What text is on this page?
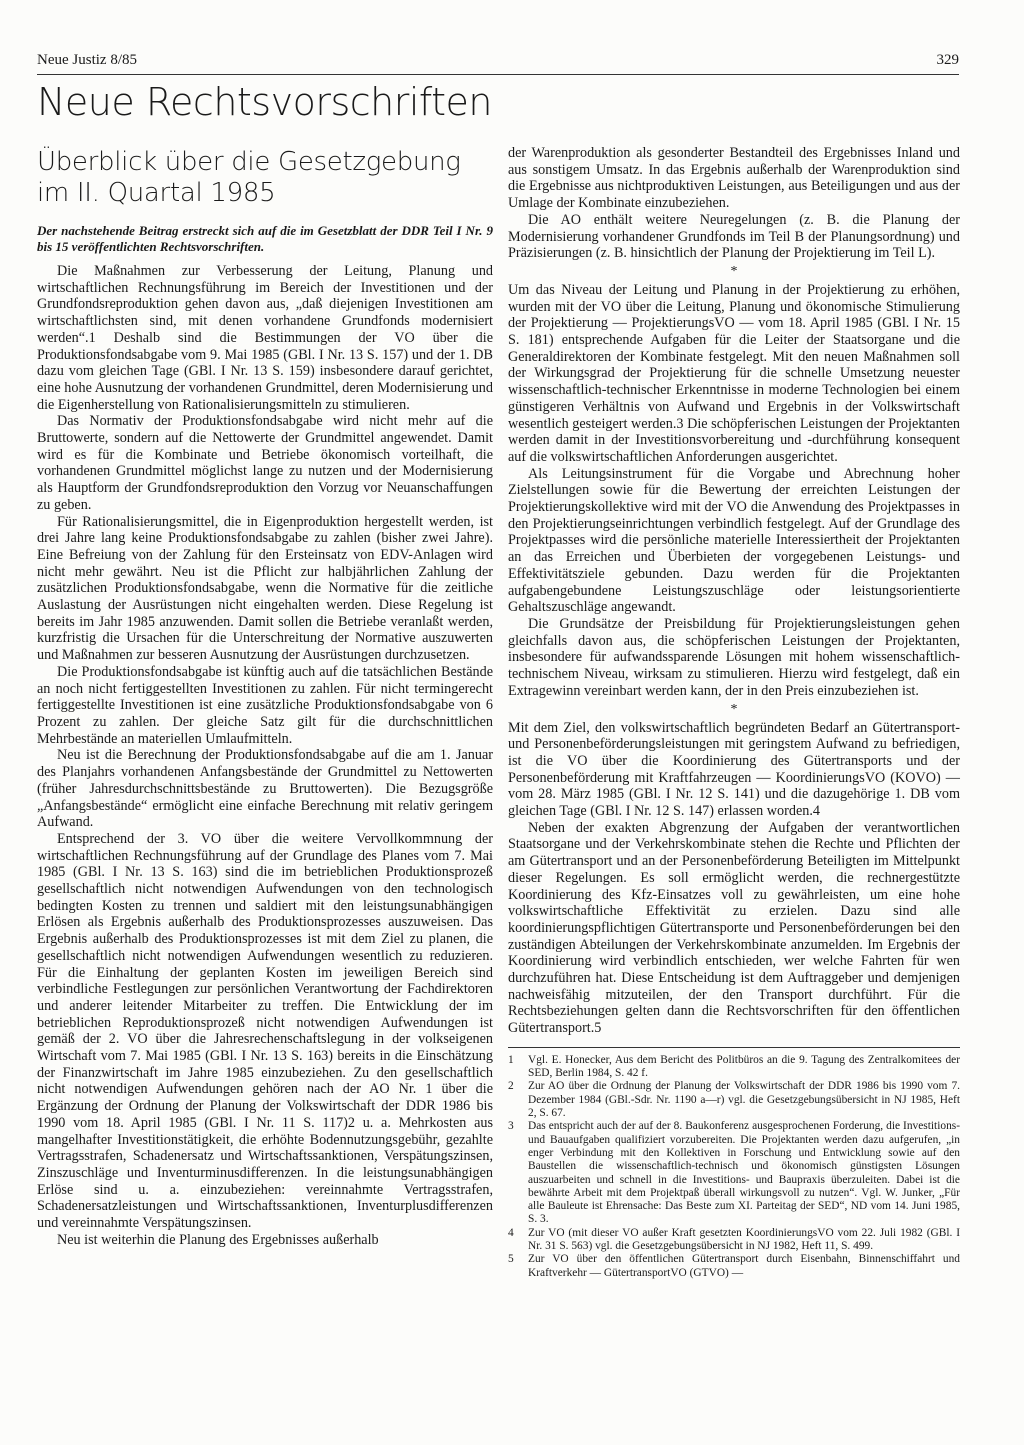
Neue Justiz 8/85	329
Neue Rechtsvorschriften
Überblick über die Gesetzgebung
im II. Quartal 1985

Der nachstehende Beitrag erstreckt sich auf die im Gesetzblatt der DDR Teil I Nr. 9 bis 15 veröffentlichten Rechtsvorschriften.

Die Maßnahmen zur Verbesserung der Leitung, Planung und wirtschaftlichen Rechnungsführung im Bereich der Investitionen und der Grundfondsreproduktion gehen davon aus, „daß diejenigen Investitionen am wirtschaftlichsten sind, mit denen vorhandene Grundfonds modernisiert werden“.1 Deshalb sind die Bestimmungen der VO über die Produktionsfondsabgabe vom 9. Mai 1985 (GBl. I Nr. 13 S. 157) und der 1. DB dazu vom gleichen Tage (GBl. I Nr. 13 S. 159) insbesondere darauf gerichtet, eine hohe Ausnutzung der vorhandenen Grundmittel, deren Modernisierung und die Eigenherstellung von Rationalisierungsmitteln zu stimulieren.

Das Normativ der Produktionsfondsabgabe wird nicht mehr auf die Bruttowerte, sondern auf die Nettowerte der Grundmittel angewendet. Damit wird es für die Kombinate und Betriebe ökonomisch vorteilhaft, die vorhandenen Grundmittel möglichst lange zu nutzen und der Modernisierung als Hauptform der Grundfondsreproduktion den Vorzug vor Neuanschaffungen zu geben.

Für Rationalisierungsmittel, die in Eigenproduktion hergestellt werden, ist drei Jahre lang keine Produktionsfondsabgabe zu zahlen (bisher zwei Jahre). Eine Befreiung von der Zahlung für den Ersteinsatz von EDV-Anlagen wird nicht mehr gewährt. Neu ist die Pflicht zur halbjährlichen Zahlung der zusätzlichen Produktionsfondsabgabe, wenn die Normative für die zeitliche Auslastung der Ausrüstungen nicht eingehalten werden. Diese Regelung ist bereits im Jahr 1985 anzuwenden. Damit sollen die Betriebe veranlaßt werden, kurzfristig die Ursachen für die Unterschreitung der Normative auszuwerten und Maßnahmen zur besseren Ausnutzung der Ausrüstungen durchzusetzen.

Die Produktionsfondsabgabe ist künftig auch auf die tatsächlichen Bestände an noch nicht fertiggestellten Investitionen zu zahlen. Für nicht termingerecht fertiggestellte Investitionen ist eine zusätzliche Produktionsfondsabgabe von 6 Prozent zu zahlen. Der gleiche Satz gilt für die durchschnittlichen Mehrbestände an materiellen Umlaufmitteln.

Neu ist die Berechnung der Produktionsfondsabgabe auf die am 1. Januar des Planjahrs vorhandenen Anfangsbestände der Grundmittel zu Nettowerten (früher Jahresdurchschnittsbestände zu Bruttowerten). Die Bezugsgröße „Anfangsbestände“ ermöglicht eine einfache Berechnung mit relativ geringem Aufwand.

Entsprechend der 3. VO über die weitere Vervollkommnung der wirtschaftlichen Rechnungsführung auf der Grundlage des Planes vom 7. Mai 1985 (GBl. I Nr. 13 S. 163) sind die im betrieblichen Produktionsprozeß gesellschaftlich nicht notwendigen Aufwendungen von den technologisch bedingten Kosten zu trennen und saldiert mit den leistungsunabhängigen Erlösen als Ergebnis außerhalb des Produktionsprozesses auszuweisen. Das Ergebnis außerhalb des Produktionsprozesses ist mit dem Ziel zu planen, die gesellschaftlich nicht notwendigen Aufwendungen wesentlich zu reduzieren. Für die Einhaltung der geplanten Kosten im jeweiligen Bereich sind verbindliche Festlegungen zur persönlichen Verantwortung der Fachdirektoren und anderer leitender Mitarbeiter zu treffen. Die Entwicklung der im betrieblichen Reproduktionsprozeß nicht notwendigen Aufwendungen ist gemäß der 2. VO über die Jahresrechenschaftslegung in der volkseigenen Wirtschaft vom 7. Mai 1985 (GBl. I Nr. 13 S. 163) bereits in die Einschätzung der Finanzwirtschaft im Jahre 1985 einzubeziehen. Zu den gesellschaftlich nicht notwendigen Aufwendungen gehören nach der AO Nr. 1 über die Ergänzung der Ordnung der Planung der Volkswirtschaft der DDR 1986 bis 1990 vom 18. April 1985 (GBl. I Nr. 11 S. 117)2 u. a. Mehrkosten aus mangelhafter Investitionstätigkeit, die erhöhte Bodennutzungsgebühr, gezahlte Vertragsstrafen, Schadenersatz und Wirtschaftssanktionen, Verspätungszinsen, Zinszuschläge und Inventurminusdifferenzen. In die leistungsunabhängigen Erlöse sind u. a. einzubeziehen: vereinnahmte Vertragsstrafen, Schadenersatzleistungen und Wirtschaftssanktionen, Inventurplusdifferenzen und vereinnahmte Verspätungszinsen.

Neu ist weiterhin die Planung des Ergebnisses außerhalb

der Warenproduktion als gesonderter Bestandteil des Ergebnisses Inland und aus sonstigem Umsatz. In das Ergebnis außerhalb der Warenproduktion sind die Ergebnisse aus nichtproduktiven Leistungen, aus Beteiligungen und aus der Umlage der Kombinate einzubeziehen.

Die AO enthält weitere Neuregelungen (z. B. die Planung der Modernisierung vorhandener Grundfonds im Teil B der Planungsordnung) und Präzisierungen (z. B. hinsichtlich der Planung der Projektierung im Teil L).

*

Um das Niveau der Leitung und Planung in der Projektierung zu erhöhen, wurden mit der VO über die Leitung, Planung und ökonomische Stimulierung der Projektierung — ProjektierungsVO — vom 18. April 1985 (GBl. I Nr. 15 S. 181) entsprechende Aufgaben für die Leiter der Staatsorgane und die Generaldirektoren der Kombinate festgelegt. Mit den neuen Maßnahmen soll der Wirkungsgrad der Projektierung für die schnelle Umsetzung neuester wissenschaftlich-technischer Erkenntnisse in moderne Technologien bei einem günstigeren Verhältnis von Aufwand und Ergebnis in der Volkswirtschaft wesentlich gesteigert werden.3 Die schöpferischen Leistungen der Projektanten werden damit in der Investitionsvorbereitung und -durchführung konsequent auf die volkswirtschaftlichen Anforderungen ausgerichtet.

Als Leitungsinstrument für die Vorgabe und Abrechnung hoher Zielstellungen sowie für die Bewertung der erreichten Leistungen der Projektierungskollektive wird mit der VO die Anwendung des Projektpasses in den Projektierungseinrichtungen verbindlich festgelegt. Auf der Grundlage des Projektpasses wird die persönliche materielle Interessiertheit der Projektanten an das Erreichen und Überbieten der vorgegebenen Leistungs- und Effektivitätsziele gebunden. Dazu werden für die Projektanten aufgabengebundene Leistungszuschläge oder leistungsorientierte Gehaltszuschläge angewandt.

Die Grundsätze der Preisbildung für Projektierungsleistungen gehen gleichfalls davon aus, die schöpferischen Leistungen der Projektanten, insbesondere für aufwandssparende Lösungen mit hohem wissenschaftlich-technischem Niveau, wirksam zu stimulieren. Hierzu wird festgelegt, daß ein Extragewinn vereinbart werden kann, der in den Preis einzubeziehen ist.

*

Mit dem Ziel, den volkswirtschaftlich begründeten Bedarf an Gütertransport- und Personenbeförderungsleistungen mit geringstem Aufwand zu befriedigen, ist die VO über die Koordinierung des Gütertransports und der Personenbeförderung mit Kraftfahrzeugen — KoordinierungsVO (KOVO) — vom 28. März 1985 (GBl. I Nr. 12 S. 141) und die dazugehörige 1. DB vom gleichen Tage (GBl. I Nr. 12 S. 147) erlassen worden.4

Neben der exakten Abgrenzung der Aufgaben der verantwortlichen Staatsorgane und der Verkehrskombinate stehen die Rechte und Pflichten der am Gütertransport und an der Personenbeförderung Beteiligten im Mittelpunkt dieser Regelungen. Es soll ermöglicht werden, die rechnergestützte Koordinierung des Kfz-Einsatzes voll zu gewährleisten, um eine hohe volkswirtschaftliche Effektivität zu erzielen. Dazu sind alle koordinierungspflichtigen Gütertransporte und Personenbeförderungen bei den zuständigen Abteilungen der Verkehrskombinate anzumelden. Im Ergebnis der Koordinierung wird verbindlich entschieden, wer welche Fahrten für wen durchzuführen hat. Diese Entscheidung ist dem Auftraggeber und demjenigen nachweisfähig mitzuteilen, der den Transport durchführt. Für die Rechtsbeziehungen gelten dann die Rechtsvorschriften für den öffentlichen Gütertransport.5

1	Vgl. E. Honecker, Aus dem Bericht des Politbüros an die 9. Tagung des Zentralkomitees der SED, Berlin 1984, S. 42 f.
2	Zur AO über die Ordnung der Planung der Volkswirtschaft der DDR 1986 bis 1990 vom 7. Dezember 1984 (GBl.-Sdr. Nr. 1190 a—r) vgl. die Gesetzgebungsübersicht in NJ 1985, Heft 2, S. 67.
3	Das entspricht auch der auf der 8. Baukonferenz ausgesprochenen Forderung, die Investitions- und Bauaufgaben qualifiziert vorzubereiten. Die Projektanten werden dazu aufgerufen, „in enger Verbindung mit den Kollektiven in Forschung und Entwicklung sowie auf den Baustellen die wissenschaftlich-technisch und ökonomisch günstigsten Lösungen auszuarbeiten und schnell in die Investitions- und Baupraxis überzuleiten. Dabei ist die bewährte Arbeit mit dem Projektpaß überall wirkungsvoll zu nutzen“. Vgl. W. Junker, „Für alle Bauleute ist Ehrensache: Das Beste zum XI. Parteitag der SED“, ND vom 14. Juni 1985, S. 3.
4	Zur VO (mit dieser VO außer Kraft gesetzten KoordinierungsVO vom 22. Juli 1982 (GBl. I Nr. 31 S. 563) vgl. die Gesetzgebungsübersicht in NJ 1982, Heft 11, S. 499.
5	Zur VO über den öffentlichen Gütertransport durch Eisenbahn, Binnenschiffahrt und Kraftverkehr — GütertransportVO (GTVO) —
